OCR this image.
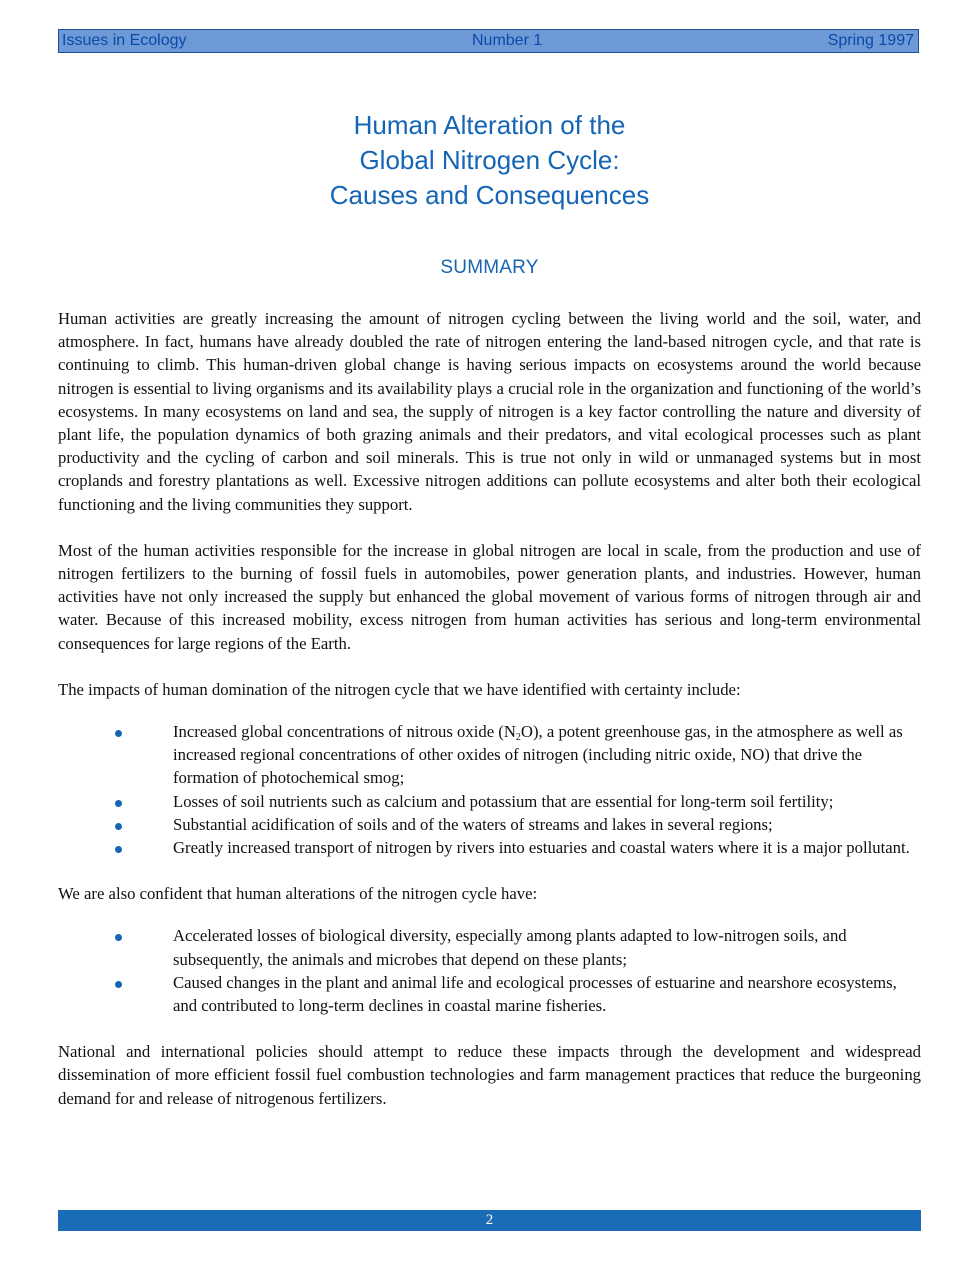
Issues in Ecology	Number 1	Spring 1997
Human Alteration of the
Global Nitrogen Cycle:
Causes and Consequences
SUMMARY

Human activities are greatly increasing the amount of nitrogen cycling between the living world and the soil, water, and atmosphere. In fact, humans have already doubled the rate of nitrogen entering the land-based nitrogen cycle, and that rate is continuing to climb. This human-driven global change is having serious impacts on ecosystems around the world because nitrogen is essential to living organisms and its availability plays a crucial role in the organization and functioning of the world’s ecosystems. In many ecosystems on land and sea, the supply of nitrogen is a key factor controlling the nature and diversity of plant life, the population dynamics of both grazing animals and their predators, and vital ecological processes such as plant productivity and the cycling of carbon and soil minerals. This is true not only in wild or unmanaged systems but in most croplands and forestry plantations as well. Excessive nitrogen additions can pollute ecosystems and alter both their ecological functioning and the living communities they support.

Most of the human activities responsible for the increase in global nitrogen are local in scale, from the production and use of nitrogen fertilizers to the burning of fossil fuels in automobiles, power generation plants, and industries. However, human activities have not only increased the supply but enhanced the global movement of various forms of nitrogen through air and water. Because of this increased mobility, excess nitrogen from human activities has serious and long-term environmental consequences for large regions of the Earth.

The impacts of human domination of the nitrogen cycle that we have identified with certainty include:

Increased global concentrations of nitrous oxide $(N_2O)$, a potent greenhouse gas, in the atmosphere as well as increased regional concentrations of other oxides of nitrogen (including nitric oxide, NO) that drive the formation of photochemical smog;
Losses of soil nutrients such as calcium and potassium that are essential for long-term soil fertility;
Substantial acidification of soils and of the waters of streams and lakes in several regions;
Greatly increased transport of nitrogen by rivers into estuaries and coastal waters where it is a major pollutant.

We are also confident that human alterations of the nitrogen cycle have:

Accelerated losses of biological diversity, especially among plants adapted to low-nitrogen soils, and subsequently, the animals and microbes that depend on these plants;
Caused changes in the plant and animal life and ecological processes of estuarine and nearshore ecosystems, and contributed to long-term declines in coastal marine fisheries.

National and international policies should attempt to reduce these impacts through the development and widespread dissemination of more efficient fossil fuel combustion technologies and farm management practices that reduce the burgeoning demand for and release of nitrogenous fertilizers.

2
